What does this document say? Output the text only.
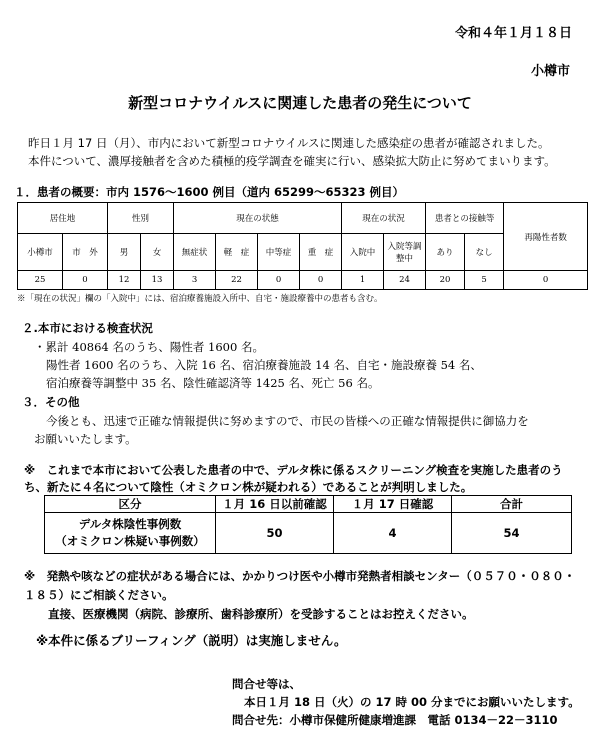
令和４年１月１８日
小樽市
新型コロナウイルスに関連した患者の発生について
昨日１月 17 日（月）、市内において新型コロナウイルスに関連した感染症の患者が確認されました。
本件について、濃厚接触者を含めた積極的疫学調査を確実に行い、感染拡大防止に努めてまいります。
１．患者の概要：市内 1576～1600 例目（道内 65299～65323 例目）
居住地		性別		現在の状態				現在の状況		患者との接触等		再陽性者数
小樽市	市　外	男	女	無症状	軽　症	中等症	重　症	入院中	入院等調整中	あり	なし	
25	0	12	13	3	22	0	0	1	24	20	5	0
※「現在の状況」欄の「入院中」には、宿泊療養施設入所中、自宅・施設療養中の患者も含む。
２.本市における検査状況
・累計 40864 名のうち、陽性者 1600 名。
陽性者 1600 名のうち、入院 16 名、宿泊療養施設 14 名、自宅・施設療養 54 名、
宿泊療養等調整中 35 名、陰性確認済等 1425 名、死亡 56 名。
３．その他
今後とも、迅速で正確な情報提供に努めますので、市民の皆様への正確な情報提供に御協力を
お願いいたします。
※　これまで本市において公表した患者の中で、デルタ株に係るスクリーニング検査を実施した患者のうち、新たに４名について陰性（オミクロン株が疑われる）であることが判明しました。
区分	１月 16 日以前確認	１月 17 日確認	合計

デルタ株陰性事例数
（オミクロン株疑い事例数）	50	4	54
※　発熱や咳などの症状がある場合には、かかりつけ医や小樽市発熱者相談センター（０５７０・０８０・１８５）にご相談ください。
直接、医療機関（病院、診療所、歯科診療所）を受診することはお控えください。
※本件に係るブリーフィング（説明）は実施しません。
問合せ等は、
本日１月 18 日（火）の 17 時 00 分までにお願いいたします。
問合せ先：小樽市保健所健康増進課　電話 0134－22－3110
